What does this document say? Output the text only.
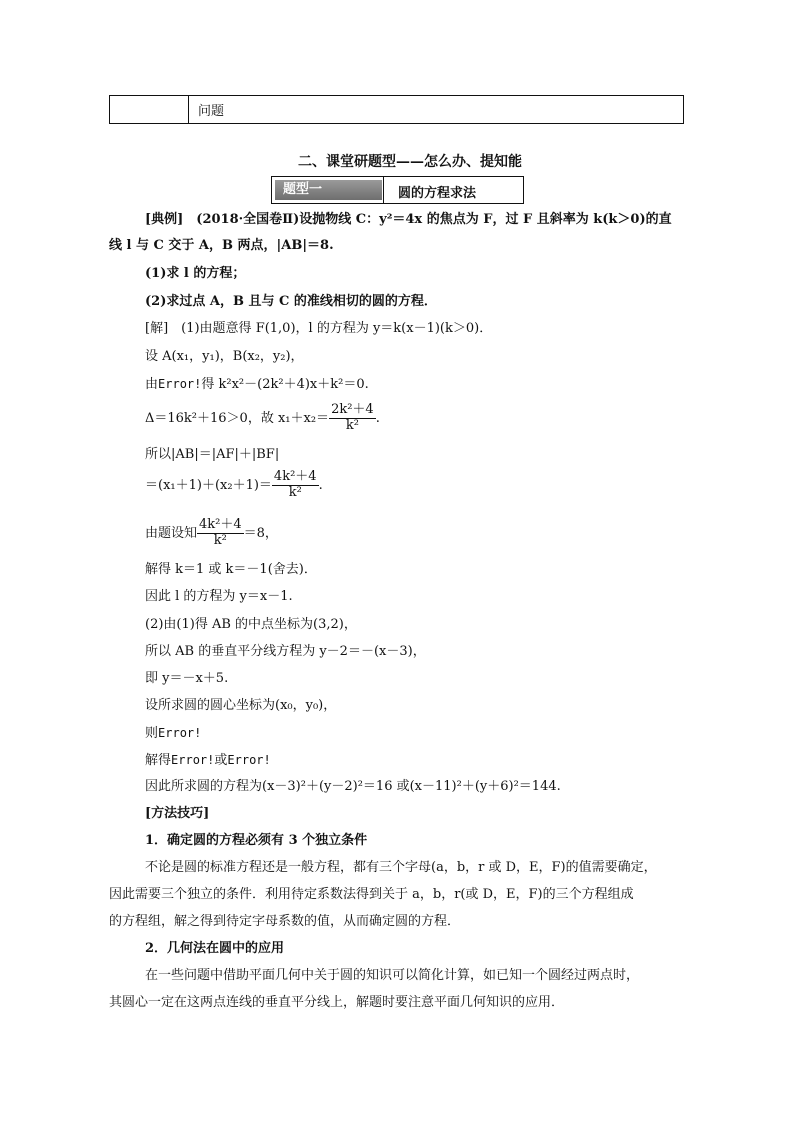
问题
二、课堂研题型——怎么办、提知能
题型一	圆的方程求法
[典例]　(2018·全国卷Ⅱ)设抛物线 C：y²＝4x 的焦点为 F，过 F 且斜率为 k(k＞0)的直
线 l 与 C 交于 A，B 两点，|AB|＝8.
(1)求 l 的方程；
(2)求过点 A，B 且与 C 的准线相切的圆的方程．
[解]　(1)由题意得 F(1,0)，l 的方程为 y＝k(x－1)(k＞0)．
设 A(x₁，y₁)，B(x₂，y₂)，
由Error!得 k²x²－(2k²＋4)x＋k²＝0.
Δ＝16k²＋16＞0，故 $x_1+x_2= \frac{\text{2k²＋4}}{\text{k²}}$ .
所以|AB|＝|AF|＋|BF|
$=(x_1+1)+(x_2+1)= \frac{\text{4k²＋4}}{\text{k²}}$ .
由题设知 $\frac{\text{4k²＋4}}{\text{k²}} =8$，
解得 k＝1 或 k＝－1(舍去)．
因此 l 的方程为 y＝x－1.
(2)由(1)得 AB 的中点坐标为(3,2)，
所以 AB 的垂直平分线方程为 y－2＝－(x－3)，
即 y＝－x＋5.
设所求圆的圆心坐标为(x₀，y₀)，
则Error!
解得Error!或Error!
因此所求圆的方程为(x－3)²＋(y－2)²＝16 或(x－11)²＋(y＋6)²＝144.
[方法技巧]
1．确定圆的方程必须有 3 个独立条件
不论是圆的标准方程还是一般方程，都有三个字母(a，b，r 或 D，E，F)的值需要确定，
因此需要三个独立的条件．利用待定系数法得到关于 a，b，r(或 D，E，F)的三个方程组成
的方程组，解之得到待定字母系数的值，从而确定圆的方程．
2．几何法在圆中的应用
在一些问题中借助平面几何中关于圆的知识可以简化计算，如已知一个圆经过两点时，
其圆心一定在这两点连线的垂直平分线上，解题时要注意平面几何知识的应用．
